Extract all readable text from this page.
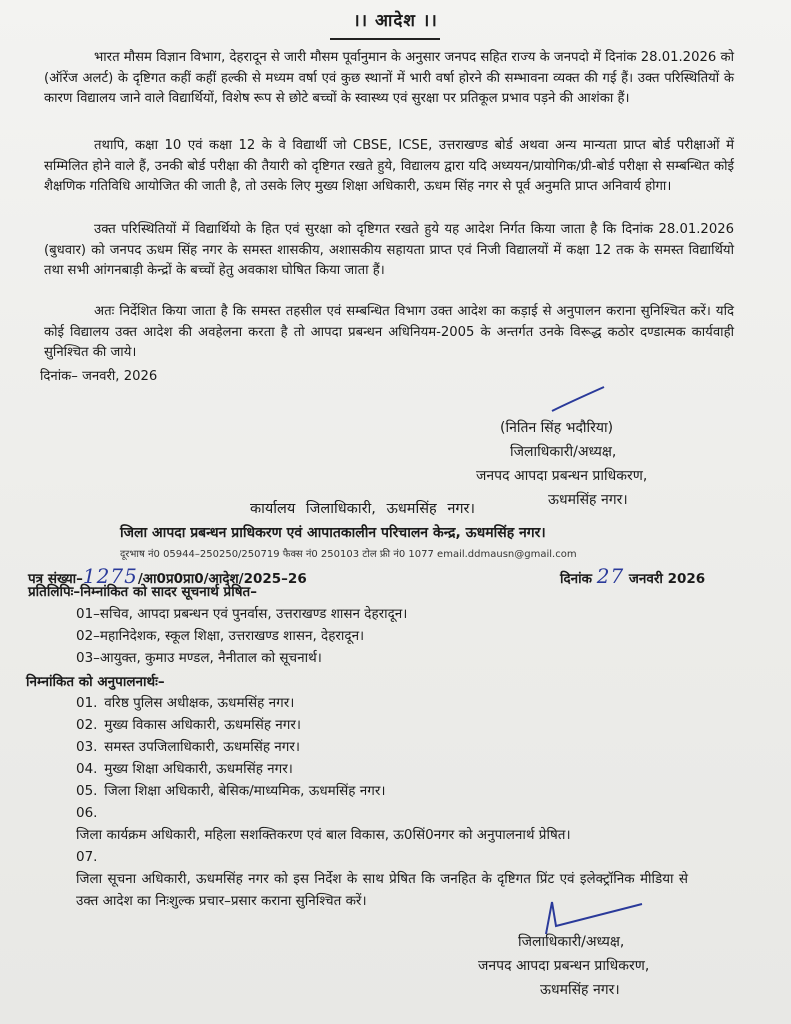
।। आदेश ।।

भारत मौसम विज्ञान विभाग, देहरादून से जारी मौसम पूर्वानुमान के अनुसार जनपद सहित राज्य के जनपदो में दिनांक 28.01.2026 को (ऑरेंज अलर्ट) के दृष्टिगत कहीं कहीं हल्की से मध्यम वर्षा एवं कुछ स्थानों में भारी वर्षा होरने की सम्भावना व्यक्त की गई हैं। उक्त परिस्थितियों के कारण विद्यालय जाने वाले विद्यार्थियों, विशेष रूप से छोटे बच्चों के स्वास्थ्य एवं सुरक्षा पर प्रतिकूल प्रभाव पड़ने की आशंका हैं।

तथापि, कक्षा 10 एवं कक्षा 12 के वे विद्यार्थी जो CBSE, ICSE, उत्तराखण्ड बोर्ड अथवा अन्य मान्यता प्राप्त बोर्ड परीक्षाओं में सम्मिलित होने वाले हैं, उनकी बोर्ड परीक्षा की तैयारी को दृष्टिगत रखते हुये, विद्यालय द्वारा यदि अध्ययन/प्रायोगिक/प्री-बोर्ड परीक्षा से सम्बन्धित कोई शैक्षणिक गतिविधि आयोजित की जाती है, तो उसके लिए मुख्य शिक्षा अधिकारी, ऊधम सिंह नगर से पूर्व अनुमति प्राप्त अनिवार्य होगा।

उक्त परिस्थितियों में विद्यार्थियो के हित एवं सुरक्षा को दृष्टिगत रखते हुये यह आदेश निर्गत किया जाता है कि दिनांक 28.01.2026 (बुधवार) को जनपद ऊधम सिंह नगर के समस्त शासकीय, अशासकीय सहायता प्राप्त एवं निजी विद्यालयों में कक्षा 12 तक के समस्त विद्यार्थियो तथा सभी आंगनबाड़ी केन्द्रों के बच्चों हेतु अवकाश घोषित किया जाता हैं।

अतः निर्देशित किया जाता है कि समस्त तहसील एवं सम्बन्धित विभाग उक्त आदेश का कड़ाई से अनुपालन कराना सुनिश्चित करें। यदि कोई विद्यालय उक्त आदेश की अवहेलना करता है तो आपदा प्रबन्धन अधिनियम-2005 के अन्तर्गत उनके विरूद्ध कठोर दण्डात्मक कार्यवाही सुनिश्चित की जाये।

दिनांक– जनवरी, 2026
(नितिन सिंह भदौरिया)
जिलाधिकारी/अध्यक्ष,
जनपद आपदा प्रबन्धन प्राधिकरण,
ऊधमसिंह नगर।
कार्यालय जिलाधिकारी, ऊधमसिंह नगर।
जिला आपदा प्रबन्धन प्राधिकरण एवं आपातकालीन परिचालन केन्द्र, ऊधमसिंह नगर।
दूरभाष नं0 05944–250250/250719 फैक्स नं0 250103 टोल फ्री नं0 1077 email.ddmausn@gmail.com
पत्र संख्या–1275/आ0प्र0प्रा0/आदेश/2025–26	दिनांक 27 जनवरी 2026
प्रतिलिपिः–निम्नांकित को सादर सूचनार्थ प्रेषित–
01–सचिव, आपदा प्रबन्धन एवं पुनर्वास, उत्तराखण्ड शासन देहरादून।
02–महानिदेशक, स्कूल शिक्षा, उत्तराखण्ड शासन, देहरादून।
03–आयुक्त, कुमाउ मण्डल, नैनीताल को सूचनार्थ।
निम्नांकित को अनुपालनार्थः–
01. वरिष्ठ पुलिस अधीक्षक, ऊधमसिंह नगर।
02. मुख्य विकास अधिकारी, ऊधमसिंह नगर।
03. समस्त उपजिलाधिकारी, ऊधमसिंह नगर।
04. मुख्य शिक्षा अधिकारी, ऊधमसिंह नगर।
05. जिला शिक्षा अधिकारी, बेसिक/माध्यमिक, ऊधमसिंह नगर।
06. जिला कार्यक्रम अधिकारी, महिला सशक्तिकरण एवं बाल विकास, ऊ0सिं0नगर को अनुपालनार्थ प्रेषित।
07. जिला सूचना अधिकारी, ऊधमसिंह नगर को इस निर्देश के साथ प्रेषित कि जनहित के दृष्टिगत प्रिंट एवं इलेक्ट्रॉनिक मीडिया से उक्त आदेश का निःशुल्क प्रचार–प्रसार कराना सुनिश्चित करें।
जिलाधिकारी/अध्यक्ष,
जनपद आपदा प्रबन्धन प्राधिकरण,
ऊधमसिंह नगर।
